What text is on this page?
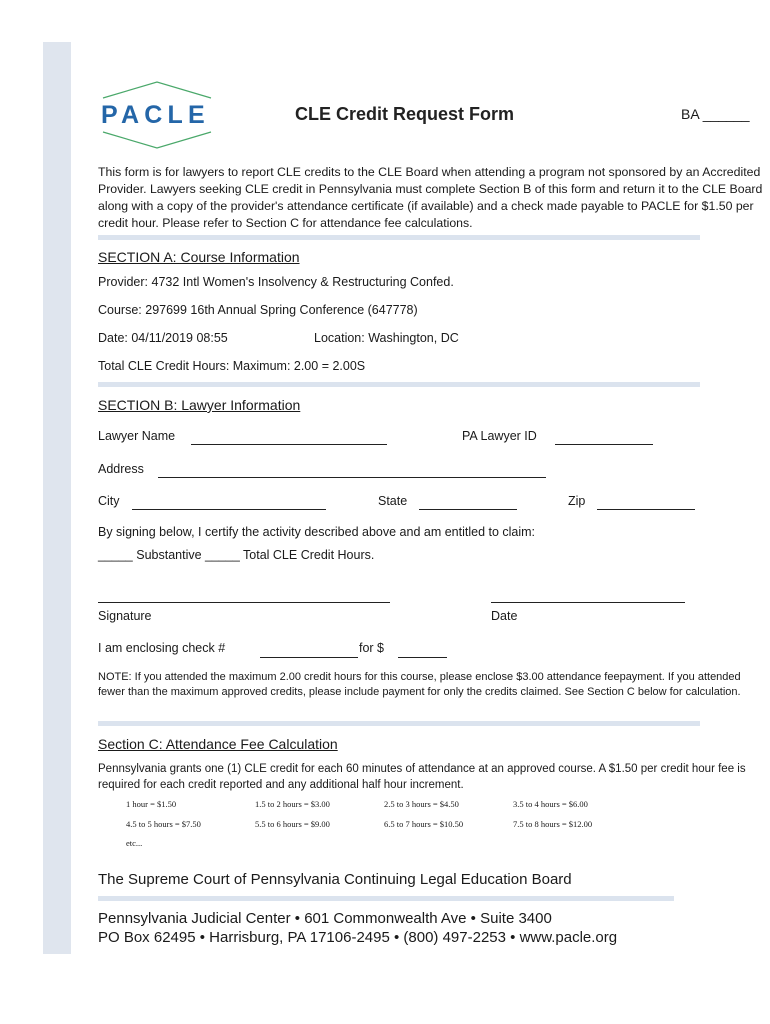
PACLE	CLE Credit Request Form	BA ______
This form is for lawyers to report CLE credits to the CLE Board when attending a program not sponsored by an Accredited Provider. Lawyers seeking CLE credit in Pennsylvania must complete Section B of this form and return it to the CLE Board along with a copy of the provider's attendance certificate (if available) and a check made payable to PACLE for $1.50 per credit hour. Please refer to Section C for attendance fee calculations.
SECTION A: Course Information
Provider: 4732 Intl Women's Insolvency & Restructuring Confed.
Course: 297699 16th Annual Spring Conference (647778)
Date: 04/11/2019 08:55	Location: Washington, DC
Total CLE Credit Hours: Maximum: 2.00 = 2.00S
SECTION B: Lawyer Information
Lawyer Name	PA Lawyer ID
Address
City	State	Zip
By signing below, I certify the activity described above and am entitled to claim:
_____ Substantive _____ Total CLE Credit Hours.
Signature	Date
I am enclosing check #	for $
NOTE: If you attended the maximum 2.00 credit hours for this course, please enclose $3.00 attendance feepayment. If you attended fewer than the maximum approved credits, please include payment for only the credits claimed. See Section C below for calculation.
Section C: Attendance Fee Calculation
Pennsylvania grants one (1) CLE credit for each 60 minutes of attendance at an approved course. A $1.50 per credit hour fee is required for each credit reported and any additional half hour increment.
1 hour = $1.50	1.5 to 2 hours = $3.00	2.5 to 3 hours = $4.50	3.5 to 4 hours = $6.00
4.5 to 5 hours = $7.50	5.5 to 6 hours = $9.00	6.5 to 7 hours = $10.50	7.5 to 8 hours = $12.00
etc...
The Supreme Court of Pennsylvania Continuing Legal Education Board
Pennsylvania Judicial Center • 601 Commonwealth Ave • Suite 3400
PO Box 62495 • Harrisburg, PA 17106-2495 • (800) 497-2253 • www.pacle.org
